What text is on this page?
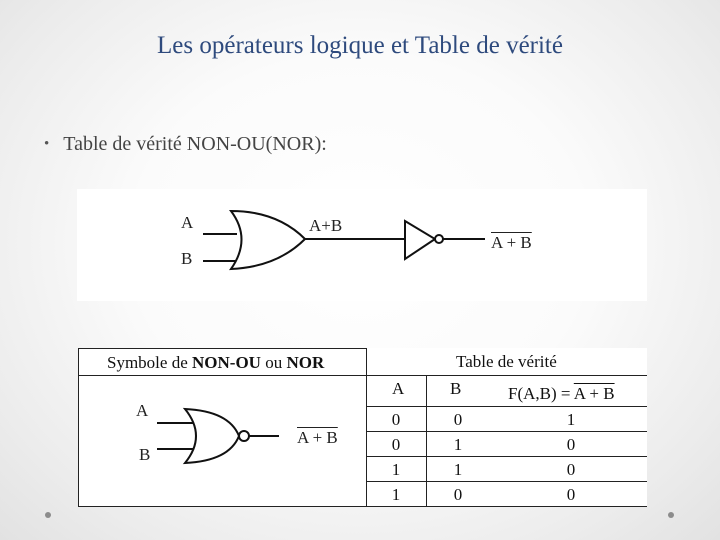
Les opérateurs logique et Table de vérité
• Table de vérité NON-OU(NOR):
A
B
A+B
A + B
Symbole de NON-OU ou NOR
A
B
A + B
Table de vérité
A	B	F(A,B) = A + B
0	0	1
0	1	0
1	1	0
1	0	0
